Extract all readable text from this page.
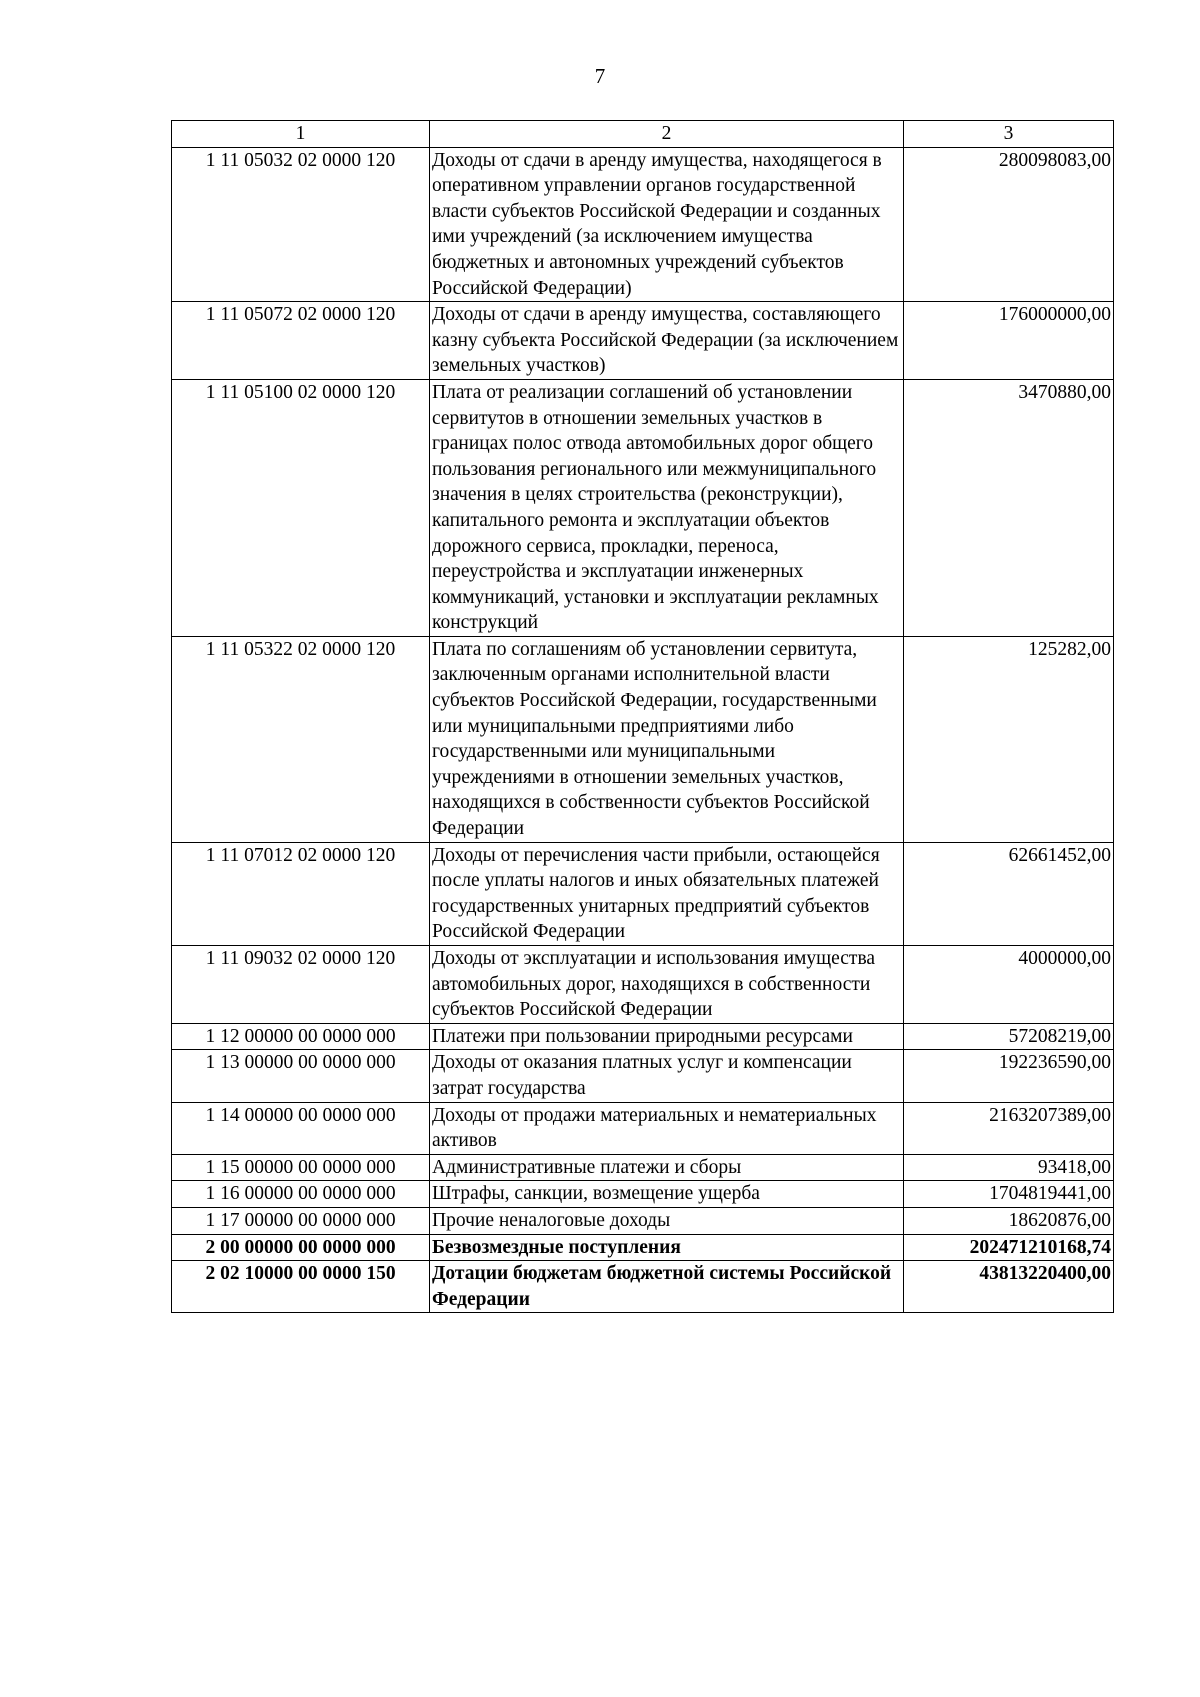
7
1	2	3
1 11 05032 02 0000 120	Доходы от сдачи в аренду имущества, находящегося в оперативном управлении органов государственной власти субъектов Российской Федерации и созданных ими учреждений (за исключением имущества бюджетных и автономных учреждений субъектов Российской Федерации)	280098083,00
1 11 05072 02 0000 120	Доходы от сдачи в аренду имущества, составляющего казну субъекта Российской Федерации (за исключением земельных участков)	176000000,00
1 11 05100 02 0000 120	Плата от реализации соглашений об установлении сервитутов в отношении земельных участков в границах полос отвода автомобильных дорог общего пользования регионального или межмуниципального значения в целях строительства (реконструкции), капитального ремонта и эксплуатации объектов дорожного сервиса, прокладки, переноса, переустройства и эксплуатации инженерных коммуникаций, установки и эксплуатации рекламных конструкций	3470880,00
1 11 05322 02 0000 120	Плата по соглашениям об установлении сервитута, заключенным органами исполнительной власти субъектов Российской Федерации, государственными или муниципальными предприятиями либо государственными или муниципальными учреждениями в отношении земельных участков, находящихся в собственности субъектов Российской Федерации	125282,00
1 11 07012 02 0000 120	Доходы от перечисления части прибыли, остающейся после уплаты налогов и иных обязательных платежей государственных унитарных предприятий субъектов Российской Федерации	62661452,00
1 11 09032 02 0000 120	Доходы от эксплуатации и использования имущества автомобильных дорог, находящихся в собственности субъектов Российской Федерации	4000000,00
1 12 00000 00 0000 000	Платежи при пользовании природными ресурсами	57208219,00
1 13 00000 00 0000 000	Доходы от оказания платных услуг и компенсации затрат государства	192236590,00
1 14 00000 00 0000 000	Доходы от продажи материальных и нематериальных активов	2163207389,00
1 15 00000 00 0000 000	Административные платежи и сборы	93418,00
1 16 00000 00 0000 000	Штрафы, санкции, возмещение ущерба	1704819441,00
1 17 00000 00 0000 000	Прочие неналоговые доходы	18620876,00
2 00 00000 00 0000 000	Безвозмездные поступления	202471210168,74
2 02 10000 00 0000 150	Дотации бюджетам бюджетной системы Российской Федерации	43813220400,00
